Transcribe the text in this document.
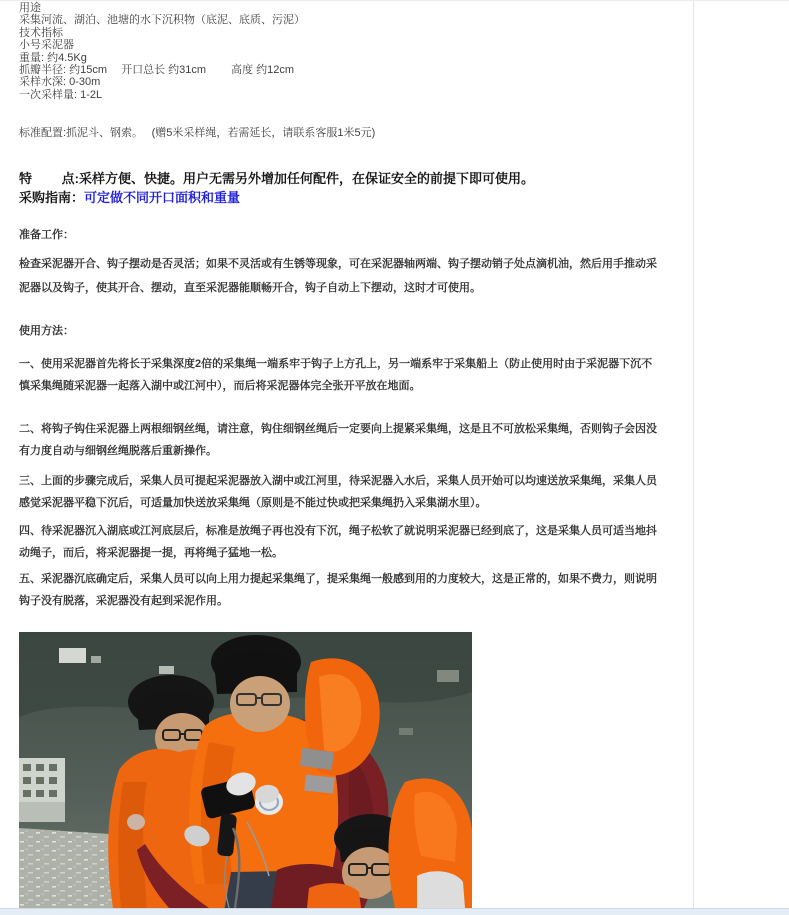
用途
采集河流、湖泊、池塘的水下沉积物（底泥、底质、污泥）
技术指标
小号采泥器
重量: 约4.5Kg
抓瓣半径: 约15cm　 开口总长 约31cm　　 高度 约12cm
采样水深: 0-30m
一次采样量: 1-2L
标准配置:抓泥斗、钢索。　 (赠5米采样绳，若需延长，请联系客服1米5元)
特　　 点:采样方便、快捷。用户无需另外增加任何配件，在保证安全的前提下即可使用。
采购指南：可定做不同开口面积和重量
准备工作：
检查采泥器开合、钩子摆动是否灵活；如果不灵活或有生锈等现象，可在采泥器轴两端、钩子摆动销子处点滴机油，然后用手推动采泥器以及钩子，使其开合、摆动，直至采泥器能顺畅开合，钩子自动上下摆动，这时才可使用。
使用方法：
一、使用采泥器首先将长于采集深度2倍的采集绳一端系牢于钩子上方孔上，另一端系牢于采集船上（防止使用时由于采泥器下沉不慎采集绳随采泥器一起落入湖中或江河中），而后将采泥器体完全张开平放在地面。
二、将钩子钩住采泥器上两根细钢丝绳，请注意，钩住细钢丝绳后一定要向上提紧采集绳，这是且不可放松采集绳，否则钩子会因没有力度自动与细钢丝绳脱落后重新操作。
三、上面的步骤完成后，采集人员可提起采泥器放入湖中或江河里，待采泥器入水后，采集人员开始可以均速送放采集绳，采集人员感觉采泥器平稳下沉后，可适量加快送放采集绳（原则是不能过快或把采集绳扔入采集湖水里）。
四、待采泥器沉入湖底或江河底层后，标准是放绳子再也没有下沉，绳子松软了就说明采泥器已经到底了，这是采集人员可适当地抖动绳子，而后，将采泥器提一提，再将绳子猛地一松。
五、采泥器沉底确定后，采集人员可以向上用力提起采集绳了，提采集绳一般感到用的力度较大，这是正常的，如果不费力，则说明钩子没有脱落，采泥器没有起到采泥作用。
